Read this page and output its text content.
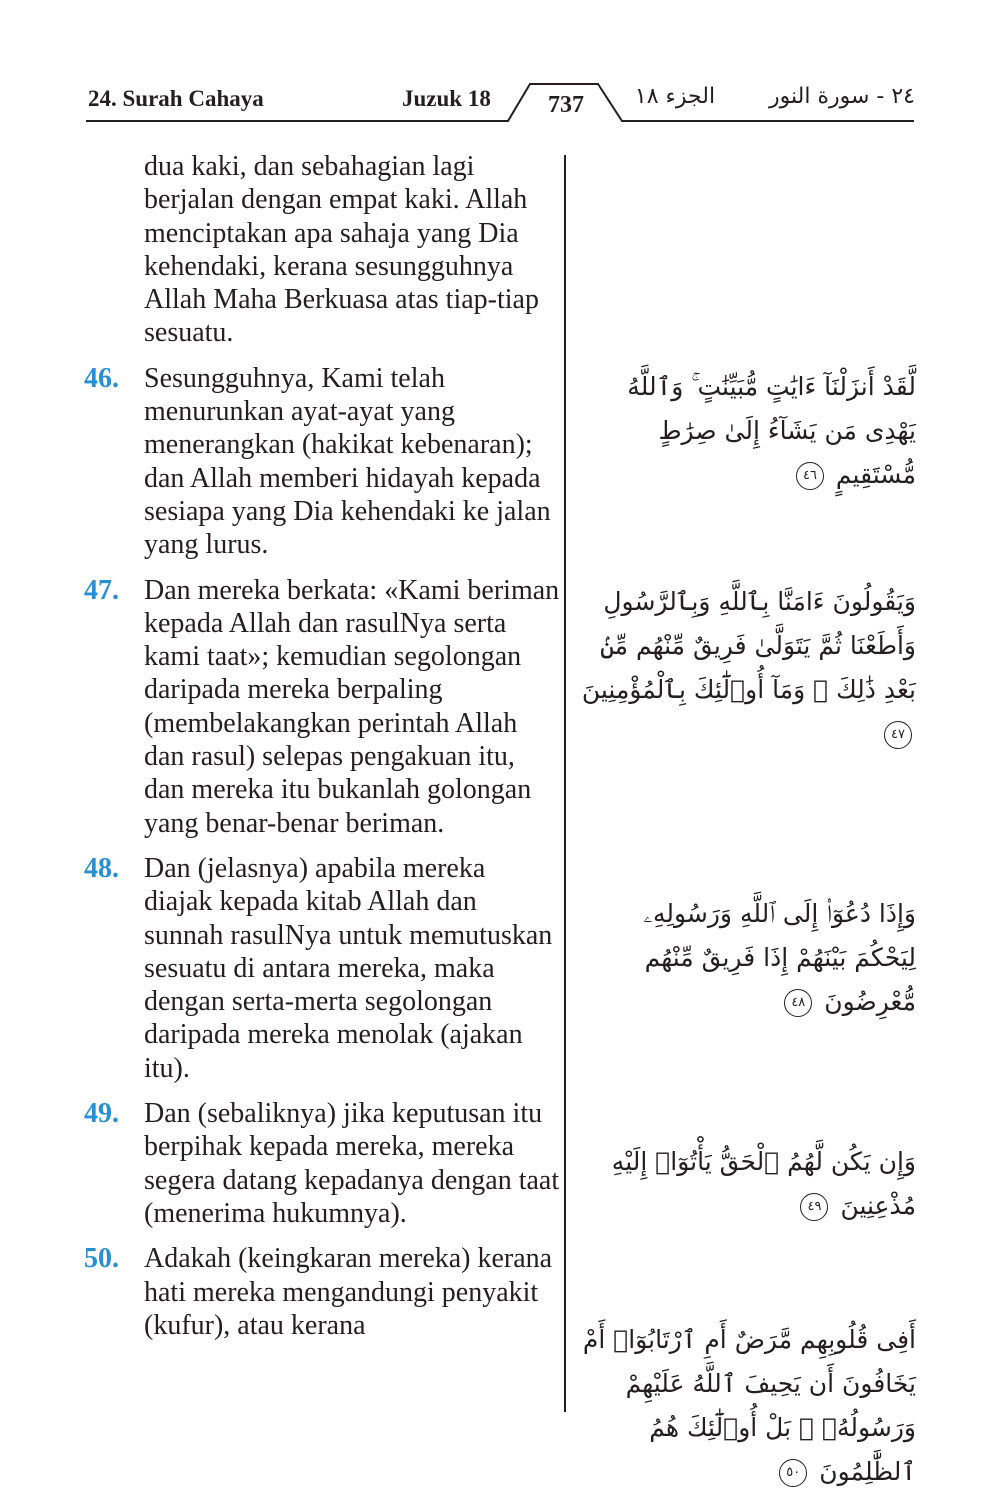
24. Surah Cahaya	Juzuk 18	737	الجزء ١٨	٢٤ - سورة النور

dua kaki, dan sebahagian lagi berjalan dengan empat kaki. Allah menciptakan apa sahaja yang Dia kehendaki, kerana sesungguhnya Allah Maha Berkuasa atas tiap-tiap sesuatu.

46. Sesungguhnya, Kami telah menurunkan ayat-ayat yang menerangkan (hakikat kebenaran); dan Allah memberi hidayah kepada sesiapa yang Dia kehendaki ke jalan yang lurus.

47. Dan mereka berkata: «Kami beriman kepada Allah dan rasulNya serta kami taat»; kemudian segolongan daripada mereka berpaling (membelakangkan perintah Allah dan rasul) selepas pengakuan itu, dan mereka itu bukanlah golongan yang benar-benar beriman.

48. Dan (jelasnya) apabila mereka diajak kepada kitab Allah dan sunnah rasulNya untuk memutuskan sesuatu di antara mereka, maka dengan serta-merta segolongan daripada mereka menolak (ajakan itu).

49. Dan (sebaliknya) jika keputusan itu berpihak kepada mereka, mereka segera datang kepadanya dengan taat (menerima hukumnya).

50. Adakah (keingkaran mereka) kerana hati mereka mengandungi penyakit (kufur), atau kerana

لَّقَدْ أَنزَلْنَآ ءَايَٰتٍ مُّبَيِّنَٰتٍ ۚ وَٱللَّهُ يَهْدِى مَن يَشَآءُ إِلَىٰ صِرَٰطٍ مُّسْتَقِيمٍ ٤٦
وَيَقُولُونَ ءَامَنَّا بِٱللَّهِ وَبِٱلرَّسُولِ وَأَطَعْنَا ثُمَّ يَتَوَلَّىٰ فَرِيقٌ مِّنْهُم مِّنۢ بَعْدِ ذَٰلِكَ ۚ وَمَآ أُو۟لَٰٓئِكَ بِٱلْمُؤْمِنِينَ ٤٧
وَإِذَا دُعُوٓا۟ إِلَى ٱللَّهِ وَرَسُولِهِۦ لِيَحْكُمَ بَيْنَهُمْ إِذَا فَرِيقٌ مِّنْهُم مُّعْرِضُونَ ٤٨
وَإِن يَكُن لَّهُمُ ٱلْحَقُّ يَأْتُوٓا۟ إِلَيْهِ مُذْعِنِينَ ٤٩
أَفِى قُلُوبِهِم مَّرَضٌ أَمِ ٱرْتَابُوٓا۟ أَمْ يَخَافُونَ أَن يَحِيفَ ٱللَّهُ عَلَيْهِمْ وَرَسُولُهُۥ ۚ بَلْ أُو۟لَٰٓئِكَ هُمُ ٱلظَّٰلِمُونَ ٥٠
